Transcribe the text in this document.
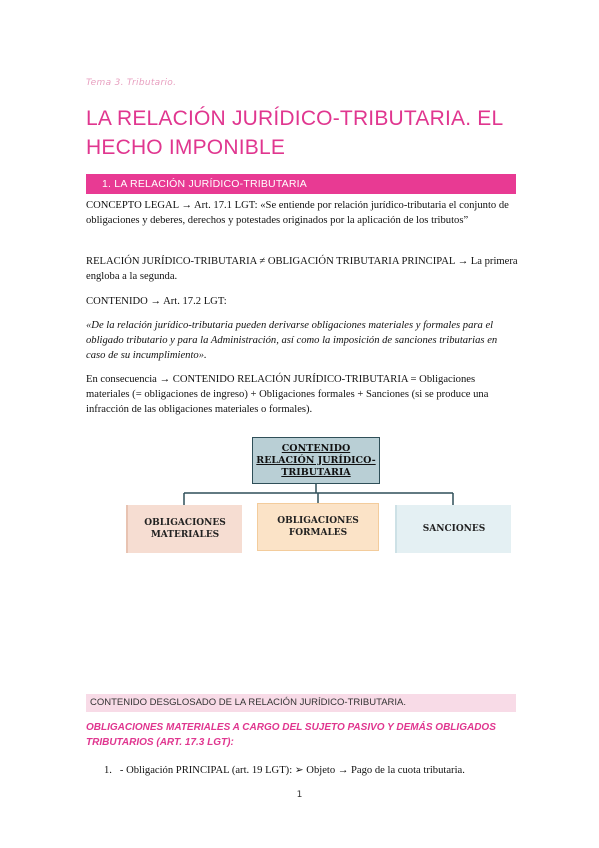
Tema 3. Tributario.
LA RELACIÓN JURÍDICO-TRIBUTARIA. EL HECHO IMPONIBLE
1. LA RELACIÓN JURÍDICO-TRIBUTARIA
CONCEPTO LEGAL → Art. 17.1 LGT: «Se entiende por relación jurídico-tributaria el conjunto de obligaciones y deberes, derechos y potestades originados por la aplicación de los tributos”
RELACIÓN JURÍDICO-TRIBUTARIA ≠ OBLIGACIÓN TRIBUTARIA PRINCIPAL → La primera engloba a la segunda.
CONTENIDO → Art. 17.2 LGT:
«De la relación jurídico-tributaria pueden derivarse obligaciones materiales y formales para el obligado tributario y para la Administración, así como la imposición de sanciones tributarias en caso de su incumplimiento».
En consecuencia → CONTENIDO RELACIÓN JURÍDICO-TRIBUTARIA = Obligaciones materiales (= obligaciones de ingreso) + Obligaciones formales + Sanciones (si se produce una infracción de las obligaciones materiales o formales).
CONTENIDO RELACIÓN JURÍDICO-TRIBUTARIA
OBLIGACIONES MATERIALES
OBLIGACIONES FORMALES	SANCIONES
CONTENIDO DESGLOSADO DE LA RELACIÓN JURÍDICO-TRIBUTARIA.
OBLIGACIONES MATERIALES A CARGO DEL SUJETO PASIVO Y DEMÁS OBLIGADOS TRIBUTARIOS (ART. 17.3 LGT):
1. - Obligación PRINCIPAL (art. 19 LGT): ➢ Objeto → Pago de la cuota tributaria.
1
